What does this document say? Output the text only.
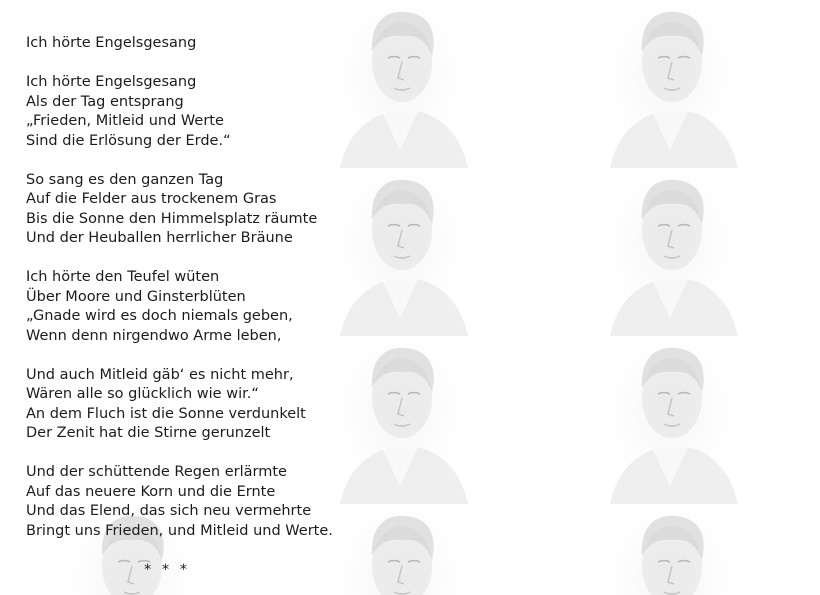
Ich hörte Engelsgesang
Ich hörte Engelsgesang
Als der Tag entsprang
„Frieden, Mitleid und Werte
Sind die Erlösung der Erde.“
So sang es den ganzen Tag
Auf die Felder aus trockenem Gras
Bis die Sonne den Himmelsplatz räumte
Und der Heuballen herrlicher Bräune
Ich hörte den Teufel wüten
Über Moore und Ginsterblüten
„Gnade wird es doch niemals geben,
Wenn denn nirgendwo Arme leben,
Und auch Mitleid gäb‘ es nicht mehr,
Wären alle so glücklich wie wir.“
An dem Fluch ist die Sonne verdunkelt
Der Zenit hat die Stirne gerunzelt
Und der schüttende Regen erlärmte
Auf das neuere Korn und die Ernte
Und das Elend, das sich neu vermehrte
Bringt uns Frieden, und Mitleid und Werte.
* * *
